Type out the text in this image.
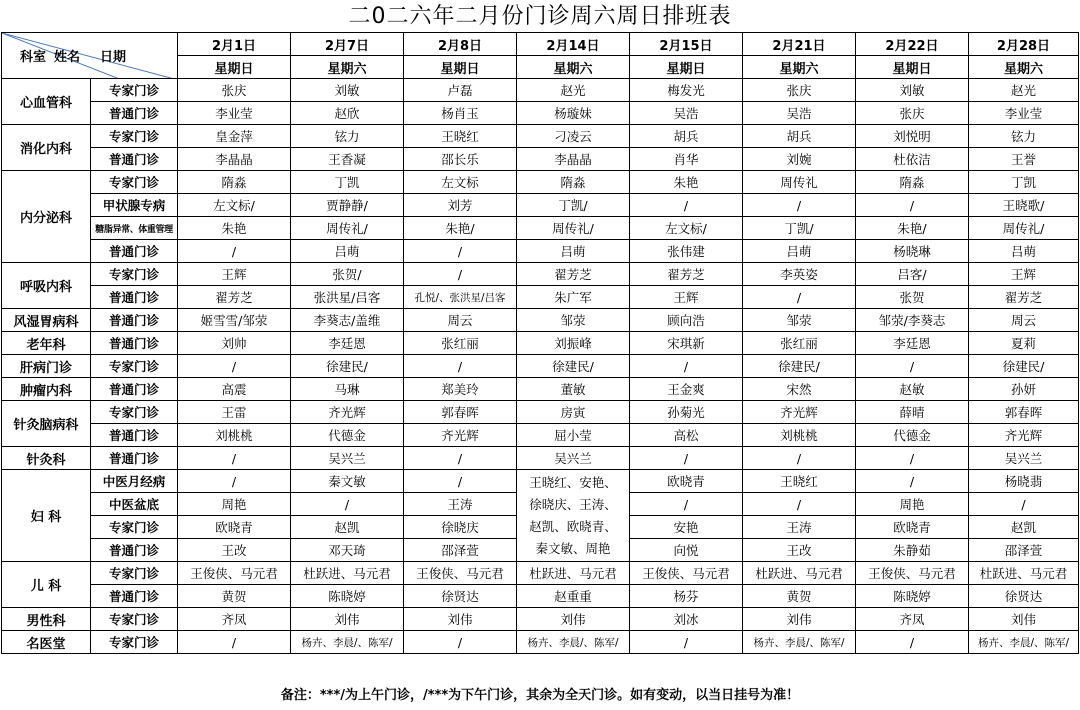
二0二六年二月份门诊周六周日排班表
科室 姓名 日期		2月1日	2月7日	2月8日	2月14日	2月15日	2月21日	2月22日	2月28日
		星期日	星期六	星期日	星期六	星期日	星期六	星期日	星期六
心血管科	专家门诊	张庆	刘敏	卢磊	赵光	梅发光	张庆	刘敏	赵光
	普通门诊	李业莹	赵欣	杨肖玉	杨璇妹	吴浩	吴浩	张庆	李业莹
消化内科	专家门诊	皇金萍	铉力	王晓红	刁凌云	胡兵	胡兵	刘悦明	铉力
	普通门诊	李晶晶	王香凝	邵长乐	李晶晶	肖华	刘婉	杜依洁	王誉
内分泌科	专家门诊	隋淼	丁凯	左文标	隋淼	朱艳	周传礼	隋淼	丁凯
	甲状腺专病	左文标/	贾静静/	刘芳	丁凯/	/	/	/	王晓歌/
	糖脂异常、体重管理	朱艳	周传礼/	朱艳/	周传礼/	左文标/	丁凯/	朱艳/	周传礼/
	普通门诊	/	吕萌	/	吕萌	张伟建	吕萌	杨晓琳	吕萌
呼吸内科	专家门诊	王辉	张贺/	/	翟芳芝	翟芳芝	李英姿	吕客/	王辉
	普通门诊	翟芳芝	张洪星/吕客	孔悦/、张洪星/吕客	朱广军	王辉	/	张贺	翟芳芝
风湿胃病科	普通门诊	姬雪雪/邹荥	李葵志/盖维	周云	邹荥	顾向浩	邹荥	邹荥/李葵志	周云
老年科	普通门诊	刘帅	李廷恩	张红丽	刘振峰	宋琪新	张红丽	李廷恩	夏莉
肝病门诊	专家门诊	/	徐建民/	/	徐建民/	/	徐建民/	/	徐建民/
肿瘤内科	普通门诊	高震	马琳	郑美玲	董敏	王金爽	宋然	赵敏	孙妍
针灸脑病科	专家门诊	王雷	齐光辉	郭春晖	房寅	孙菊光	齐光辉	薛晴	郭春晖
	普通门诊	刘桃桃	代德金	齐光辉	屈小莹	高松	刘桃桃	代德金	齐光辉
针灸科	普通门诊	/	吴兴兰	/	吴兴兰	/	/	/	吴兴兰
妇 科	中医月经病	/	秦文敏	/	王晓红、安艳、
徐晓庆、王涛、
赵凯、欧晓青、
秦文敏、周艳	欧晓青	王晓红	/	杨晓翡
	中医盆底	周艳	/	王涛		/	/	周艳	/
	专家门诊	欧晓青	赵凯	徐晓庆		安艳	王涛	欧晓青	赵凯
	普通门诊	王改	邓天琦	邵泽萱		向悦	王改	朱静茹	邵泽萱
儿 科	专家门诊	王俊侠、马元君	杜跃进、马元君	王俊侠、马元君	杜跃进、马元君	王俊侠、马元君	杜跃进、马元君	王俊侠、马元君	杜跃进、马元君
	普通门诊	黄贺	陈晓婷	徐贤达	赵重重	杨芬	黄贺	陈晓婷	徐贤达
男性科	专家门诊	齐凤	刘伟	刘伟	刘伟	刘冰	刘伟	齐凤	刘伟
名医堂	专家门诊	/	杨卉、李晨/、陈军/	/	杨卉、李晨/、陈军/	/	杨卉、李晨/、陈军/	/	杨卉、李晨/、陈军/
备注：***/为上午门诊，/***为下午门诊，其余为全天门诊。如有变动，以当日挂号为准！
